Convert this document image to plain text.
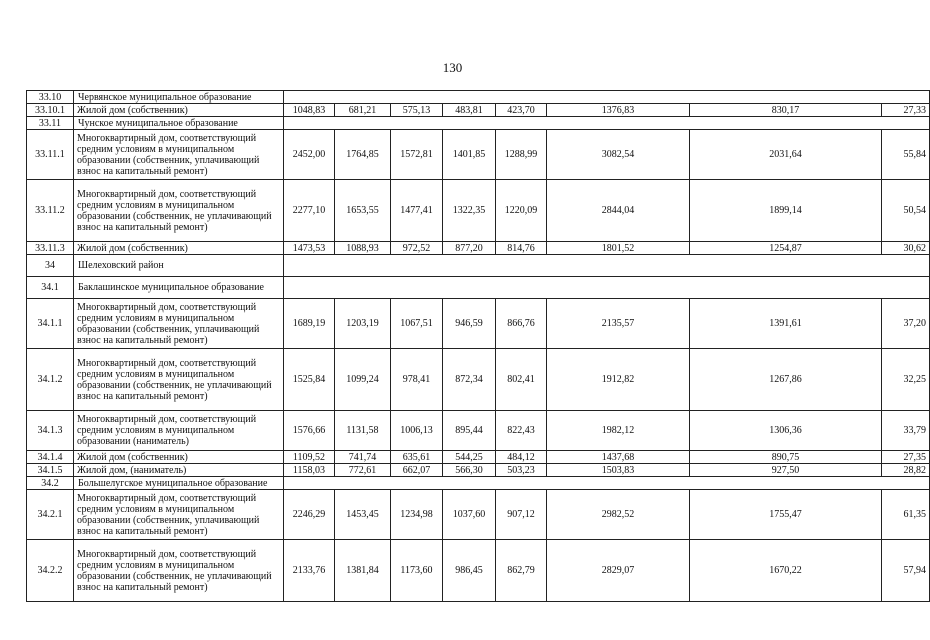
130
33.10	Червянское муниципальное образование								
33.10.1	Жилой дом (собственник)	1048,83	681,21	575,13	483,81	423,70	1376,83	830,17	27,33
33.11	Чунское муниципальное образование								
33.11.1	Многоквартирный дом, соответствующий средним условиям в муниципальном образовании (собственник, уплачивающий взнос на капитальный ремонт)	2452,00	1764,85	1572,81	1401,85	1288,99	3082,54	2031,64	55,84
33.11.2	Многоквартирный дом, соответствующий средним условиям в муниципальном образовании (собственник, не уплачивающий взнос на капитальный ремонт)	2277,10	1653,55	1477,41	1322,35	1220,09	2844,04	1899,14	50,54
33.11.3	Жилой дом (собственник)	1473,53	1088,93	972,52	877,20	814,76	1801,52	1254,87	30,62
34	Шелеховский район								
34.1	Баклашинское муниципальное образование								
34.1.1	Многоквартирный дом, соответствующий средним условиям в муниципальном образовании (собственник, уплачивающий взнос на капитальный ремонт)	1689,19	1203,19	1067,51	946,59	866,76	2135,57	1391,61	37,20
34.1.2	Многоквартирный дом, соответствующий средним условиям в муниципальном образовании (собственник, не уплачивающий взнос на капитальный ремонт)	1525,84	1099,24	978,41	872,34	802,41	1912,82	1267,86	32,25
34.1.3	Многоквартирный дом, соответствующий средним условиям в муниципальном образовании (наниматель)	1576,66	1131,58	1006,13	895,44	822,43	1982,12	1306,36	33,79
34.1.4	Жилой дом (собственник)	1109,52	741,74	635,61	544,25	484,12	1437,68	890,75	27,35
34.1.5	Жилой дом, (наниматель)	1158,03	772,61	662,07	566,30	503,23	1503,83	927,50	28,82
34.2	Большелугское муниципальное образование								
34.2.1	Многоквартирный дом, соответствующий средним условиям в муниципальном образовании (собственник, уплачивающий взнос на капитальный ремонт)	2246,29	1453,45	1234,98	1037,60	907,12	2982,52	1755,47	61,35
34.2.2	Многоквартирный дом, соответствующий средним условиям в муниципальном образовании (собственник, не уплачивающий взнос на капитальный ремонт)	2133,76	1381,84	1173,60	986,45	862,79	2829,07	1670,22	57,94
